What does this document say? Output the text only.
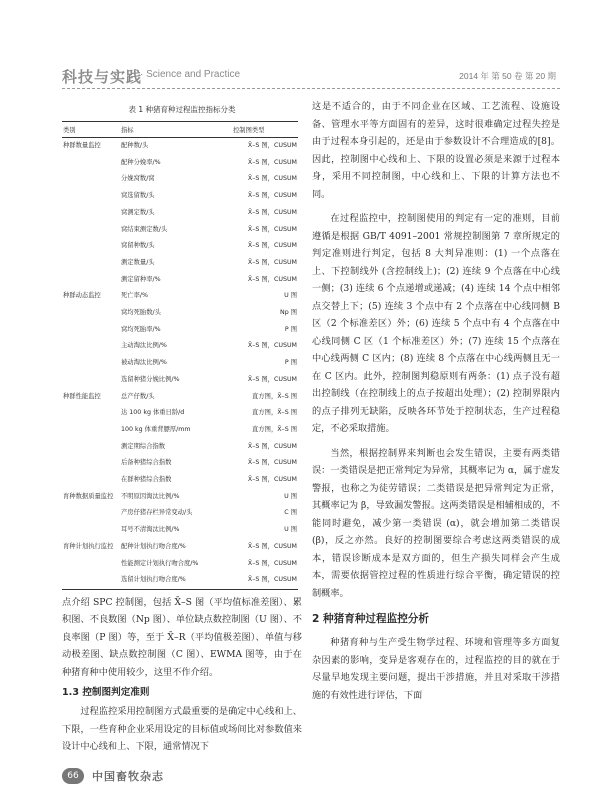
科技与实践
· Science and Practice	2014 年 第 50 卷 第 20 期
表 1 种猪育种过程监控指标分类
类别	指标	控制图类型
种群数量监控	配种数/头	X̄–S 图，CUSUM
	配种分娩率/%	X̄–S 图，CUSUM
	分娩窝数/窝	X̄–S 图，CUSUM
	窝选留数/头	X̄–S 图，CUSUM
	窝测定数/头	X̄–S 图，CUSUM
	窝结束测定数/头	X̄–S 图，CUSUM
	窝留种数/头	X̄–S 图，CUSUM
	测定数量/头	X̄–S 图，CUSUM
	测定留种率/%	X̄–S 图，CUSUM
种群动态监控	死亡率/%	U 图
	窝均死胎数/头	Np 图
	窝均死胎率/%	P 图
	主动淘汰比例/%	X̄–S 图，CUSUM
	被动淘汰比例/%	P 图
	选留种猪分娩比例/%	X̄–S 图，CUSUM
种群性能监控	总产仔数/头	直方图，X̄–S 图
	达 100 kg 体重日龄/d	直方图，X̄–S 图
	100 kg 体重背膘厚/mm	直方图，X̄–S 图
	测定期综合指数	X̄–S 图，CUSUM
	后备种猪综合指数	X̄–S 图，CUSUM
	在群种猪综合指数	X̄–S 图，CUSUM
育种数据质量监控	不明原因淘汰比例/%	U 图
	产房仔猪存栏异常变动/头	C 图
	耳号不清淘汰比例/%	U 图
育种计划执行监控	配种计划执行吻合度/%	X̄–S 图，CUSUM
	性能测定计划执行吻合度/%	X̄–S 图，CUSUM
	选留计划执行吻合度/%	X̄–S 图，CUSUM

点介绍 SPC 控制图，包括 X̄–S 图（平均值标准差图）、累积图、不良数图（Np 图）、单位缺点数控制图（U 图）、不良率图（P 图）等，至于 X̄–R（平均值极差图）、单值与移动极差图、缺点数控制图（C 图）、EWMA 图等，由于在种猪育种中使用较少，这里不作介绍。

1.3 控制图判定准则

过程监控采用控制图方式最重要的是确定中心线和上、下限，一些育种企业采用设定的目标值或场间比对参数值来设计中心线和上、下限，通常情况下

这是不适合的，由于不同企业在区域、工艺流程、设施设备、管理水平等方面固有的差异，这时很难确定过程失控是由于过程本身引起的，还是由于参数设计不合理造成的[8]。因此，控制图中心线和上、下限的设置必须是来源于过程本身，采用不同控制图，中心线和上、下限的计算方法也不同。

在过程监控中，控制图使用的判定有一定的准则，目前遵循是根据 GB/T 4091–2001 常规控制图第 7 章所规定的判定准则进行判定，包括 8 大判异准则：(1) 一个点落在上、下控制线外 (含控制线上)；(2) 连续 9 个点落在中心线一侧；(3) 连续 6 个点递增或递减；(4) 连续 14 个点中相邻点交替上下；(5) 连续 3 个点中有 2 个点落在中心线同侧 B 区（2 个标准差区）外；(6) 连续 5 个点中有 4 个点落在中心线同侧 C 区（1 个标准差区）外；(7) 连续 15 个点落在中心线两侧 C 区内；(8) 连续 8 个点落在中心线两侧且无一在 C 区内。此外，控制图判稳原则有两条：(1) 点子没有超出控制线（在控制线上的点子按超出处理）；(2) 控制界限内的点子排列无缺陷，反映各环节处于控制状态，生产过程稳定，不必采取措施。

当然，根据控制界来判断也会发生错误，主要有两类错误：一类错误是把正常判定为异常，其概率记为 α，属于虚发警报，也称之为徒劳错误；二类错误是把异常判定为正常，其概率记为 β，导致漏发警报。这两类错误是相辅相成的，不能同时避免，减少第一类错误 (α)，就会增加第二类错误 (β)，反之亦然。良好的控制图要综合考虑这两类错误的成本，错误诊断成本是双方面的，但生产损失同样会产生成本，需要依据管控过程的性质进行综合平衡，确定错误的控制概率。

2 种猪育种过程监控分析

种猪育种与生产受生物学过程、环境和管理等多方面复杂因素的影响，变异是客观存在的，过程监控的目的就在于尽量早地发现主要问题，提出干涉措施，并且对采取干涉措施的有效性进行评估，下面

66	中国畜牧杂志
